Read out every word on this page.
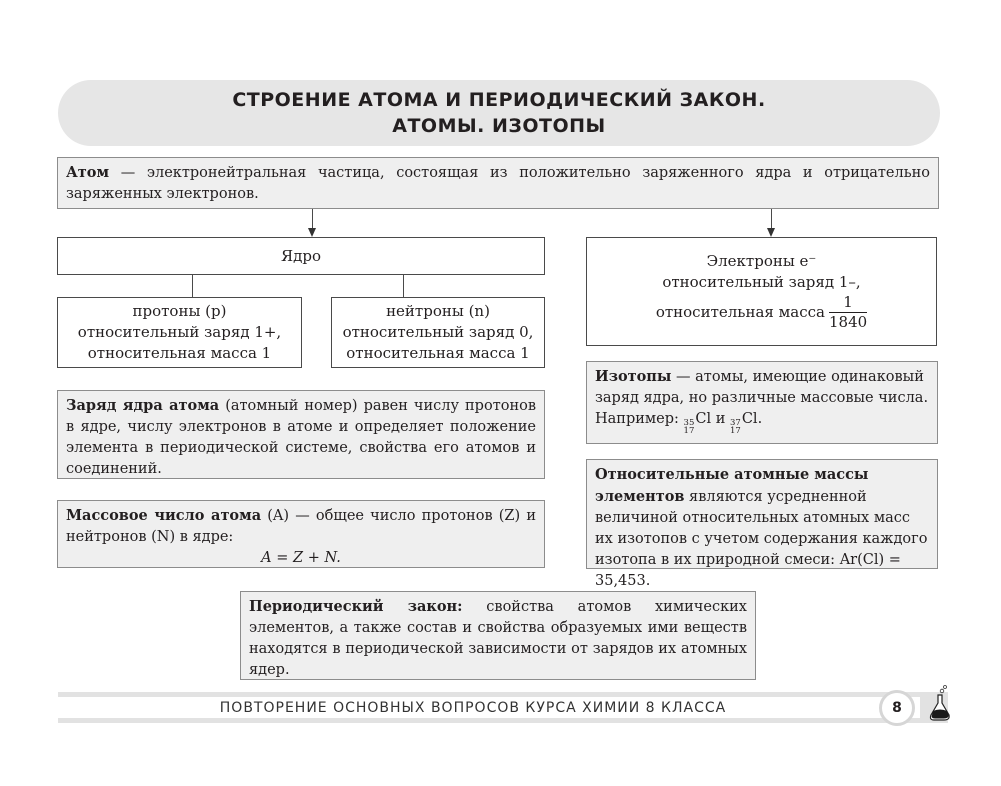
СТРОЕНИЕ АТОМА И ПЕРИОДИЧЕСКИЙ ЗАКОН.
АТОМЫ. ИЗОТОПЫ
Атом — электронейтральная частица, состоящая из положительно заряженного ядра и отрицательно заряженных электронов.
Ядро
протоны (p)
относительный заряд 1+,
относительная масса 1
нейтроны (n)
относительный заряд 0,
относительная масса 1
Электроны e⁻
относительный заряд 1–,
относительная масса $\frac{1}{1840}$
Заряд ядра атома (атомный номер) равен числу протонов в ядре, числу электронов в атоме и определяет положение элемента в периодической системе, свойства его атомов и соединений.
Массовое число атома (A) — общее число протонов (Z) и нейтронов (N) в ядре:
A = Z + N.
Изотопы — атомы, имеющие одинаковый заряд ядра, но различные массовые числа.
Например: 35
17
Cl и 37
17
Cl.
Относительные атомные массы элементов являются усредненной величиной относительных атомных масс их изотопов с учетом содержания каждого изотопа в их природной смеси: Ar(Cl) = 35,453.
Периодический закон: свойства атомов химических элементов, а также состав и свойства образуемых ими веществ находятся в периодической зависимости от зарядов их атомных ядер.
ПОВТОРЕНИЕ ОСНОВНЫХ ВОПРОСОВ КУРСА ХИМИИ 8 КЛАССА	8
